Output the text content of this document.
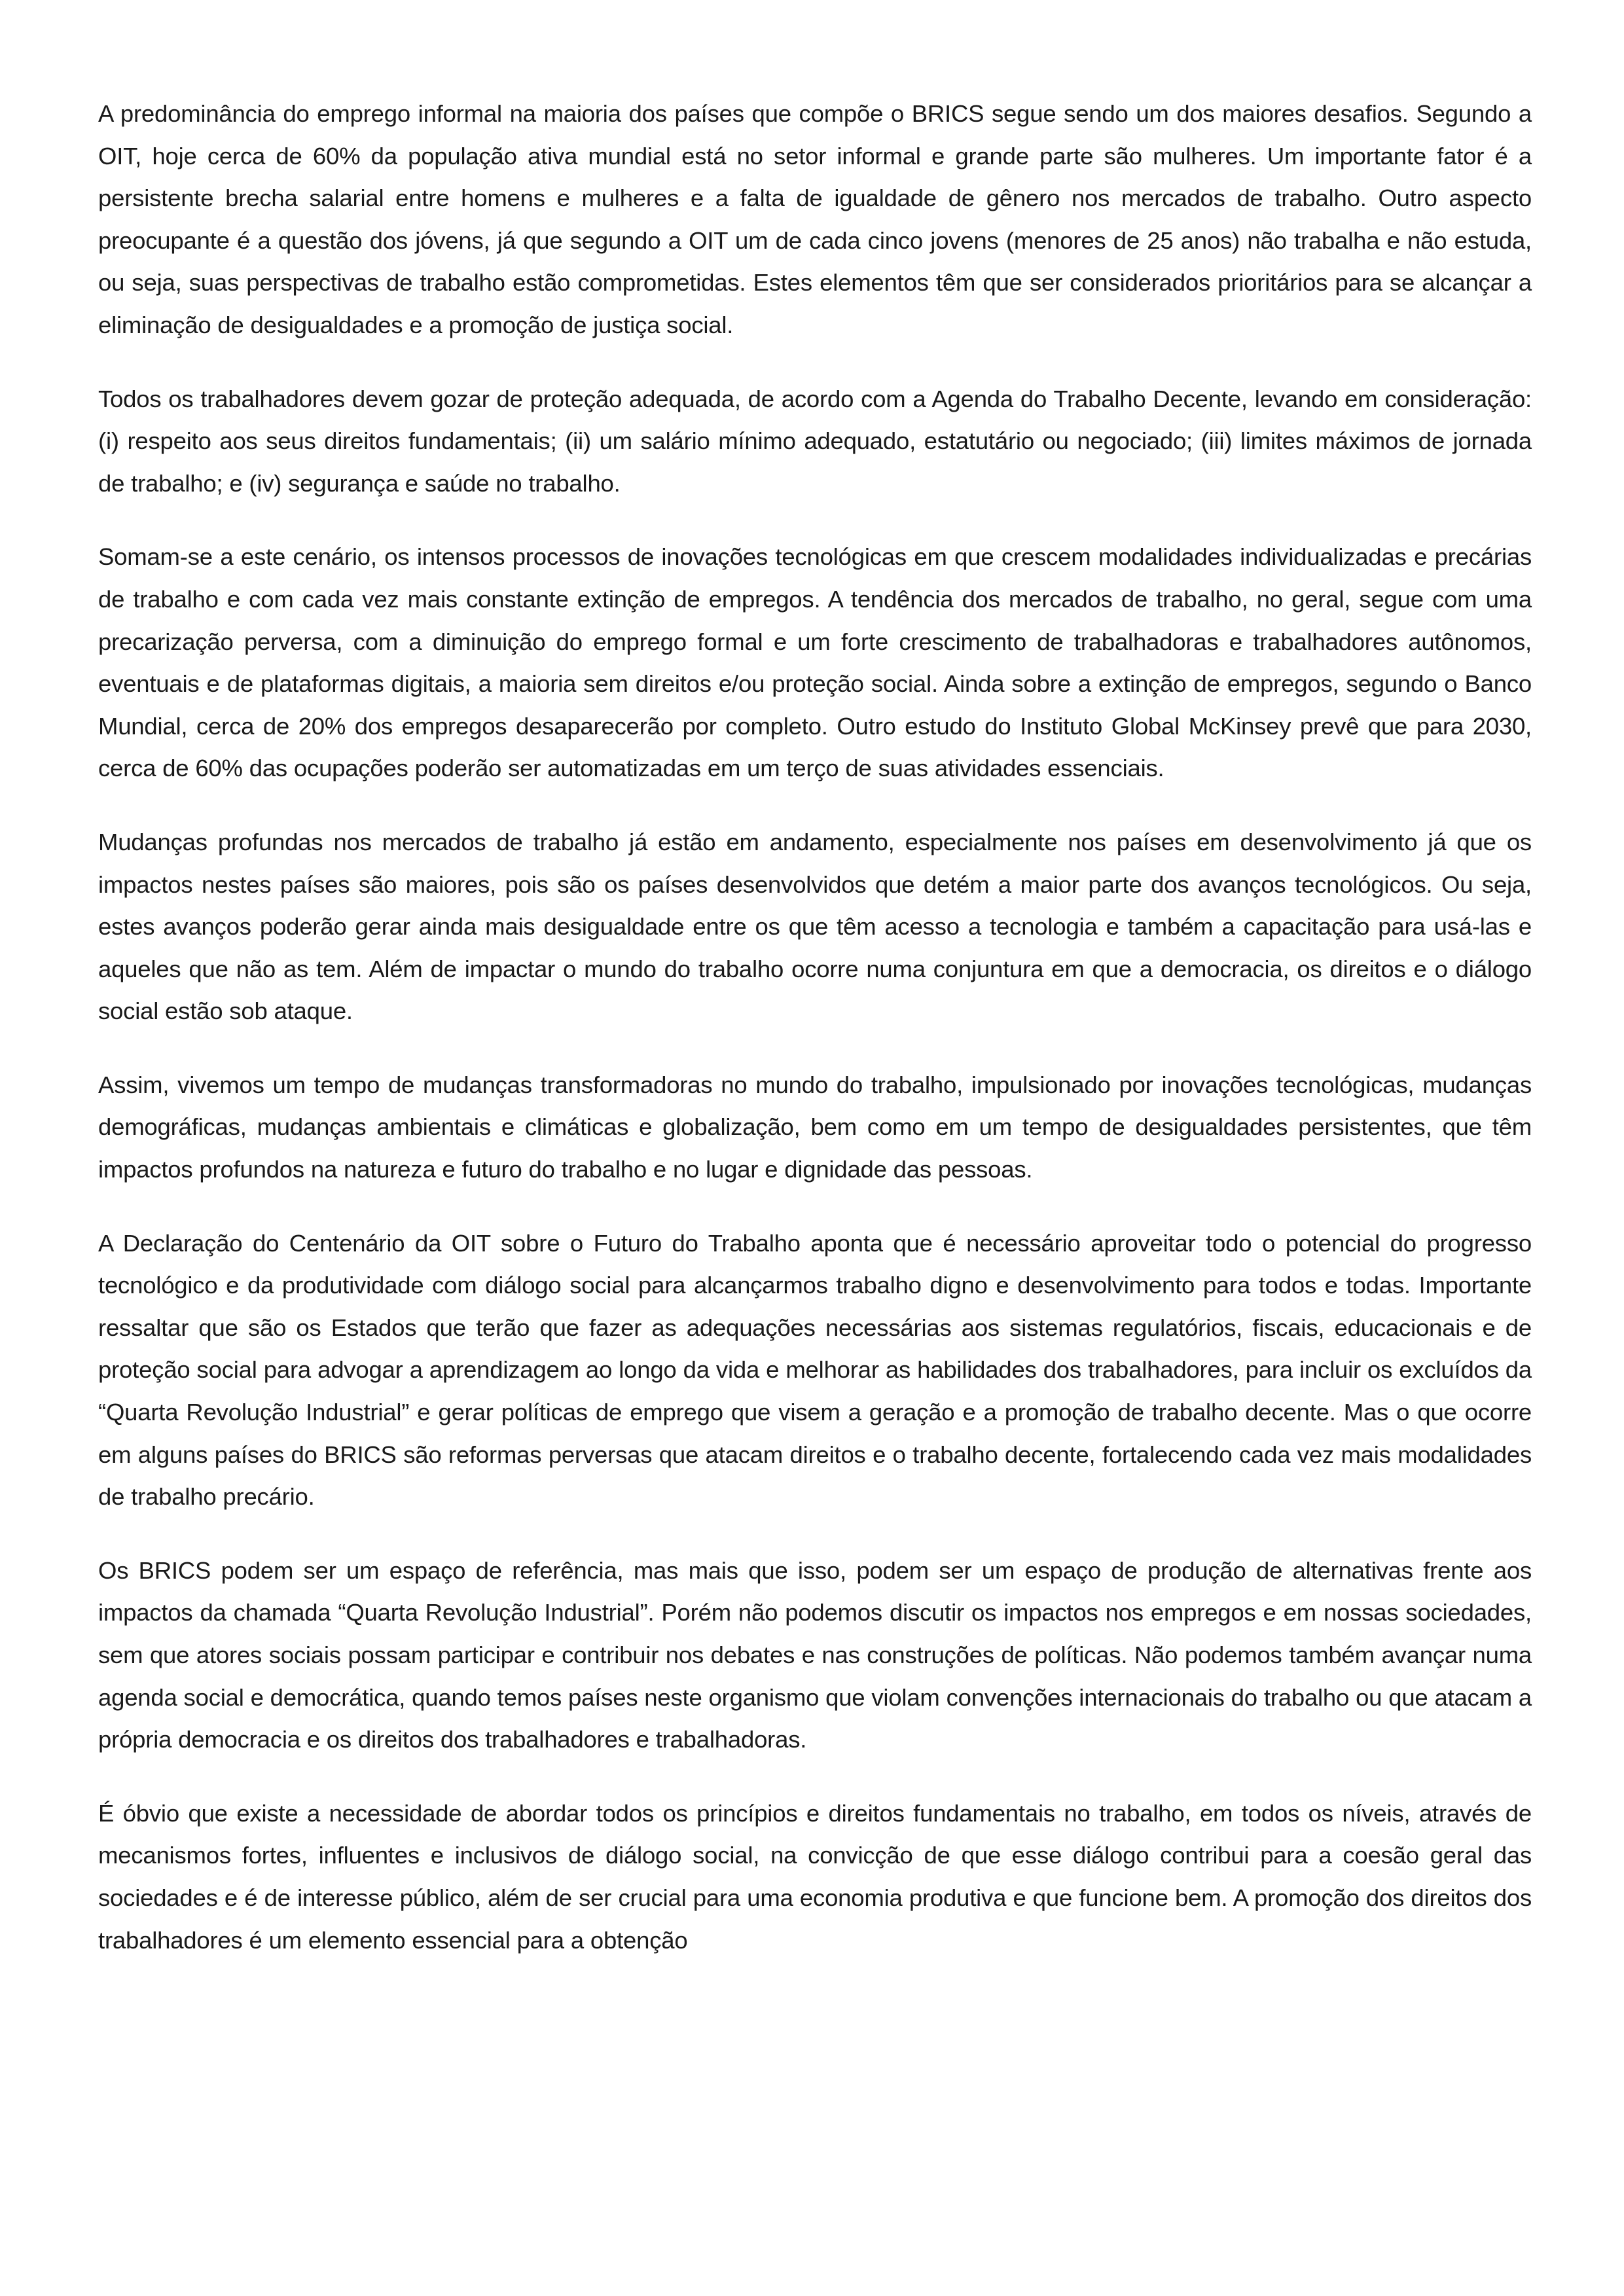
A predominância do emprego informal na maioria dos países que compõe o BRICS segue sendo um dos maiores desafios. Segundo a OIT, hoje cerca de 60% da população ativa mundial está no setor informal e grande parte são mulheres. Um importante fator é a persistente brecha salarial entre homens e mulheres e a falta de igualdade de gênero nos mercados de trabalho. Outro aspecto preocupante é a questão dos jóvens, já que segundo a OIT um de cada cinco jovens (menores de 25 anos) não trabalha e não estuda, ou seja, suas perspectivas de trabalho estão comprometidas. Estes elementos têm que ser considerados prioritários para se alcançar a eliminação de desigualdades e a promoção de justiça social.

Todos os trabalhadores devem gozar de proteção adequada, de acordo com a Agenda do Trabalho Decente, levando em consideração: (i) respeito aos seus direitos fundamentais; (ii) um salário mínimo adequado, estatutário ou negociado; (iii) limites máximos de jornada de trabalho; e (iv) segurança e saúde no trabalho.

Somam-se a este cenário, os intensos processos de inovações tecnológicas em que crescem modalidades individualizadas e precárias de trabalho e com cada vez mais constante extinção de empregos. A tendência dos mercados de trabalho, no geral, segue com uma precarização perversa, com a diminuição do emprego formal e um forte crescimento de trabalhadoras e trabalhadores autônomos, eventuais e de plataformas digitais, a maioria sem direitos e/ou proteção social. Ainda sobre a extinção de empregos, segundo o Banco Mundial, cerca de 20% dos empregos desaparecerão por completo. Outro estudo do Instituto Global McKinsey prevê que para 2030, cerca de 60% das ocupações poderão ser automatizadas em um terço de suas atividades essenciais.

Mudanças profundas nos mercados de trabalho já estão em andamento, especialmente nos países em desenvolvimento já que os impactos nestes países são maiores, pois são os países desenvolvidos que detém a maior parte dos avanços tecnológicos. Ou seja, estes avanços poderão gerar ainda mais desigualdade entre os que têm acesso a tecnologia e também a capacitação para usá-las e aqueles que não as tem. Além de impactar o mundo do trabalho ocorre numa conjuntura em que a democracia, os direitos e o diálogo social estão sob ataque.

Assim, vivemos um tempo de mudanças transformadoras no mundo do trabalho, impulsionado por inovações tecnológicas, mudanças demográficas, mudanças ambientais e climáticas e globalização, bem como em um tempo de desigualdades persistentes, que têm impactos profundos na natureza e futuro do trabalho e no lugar e dignidade das pessoas.

A Declaração do Centenário da OIT sobre o Futuro do Trabalho aponta que é necessário aproveitar todo o potencial do progresso tecnológico e da produtividade com diálogo social para alcançarmos trabalho digno e desenvolvimento para todos e todas. Importante ressaltar que são os Estados que terão que fazer as adequações necessárias aos sistemas regulatórios, fiscais, educacionais e de proteção social para advogar a aprendizagem ao longo da vida e melhorar as habilidades dos trabalhadores, para incluir os excluídos da “Quarta Revolução Industrial” e gerar políticas de emprego que visem a geração e a promoção de trabalho decente. Mas o que ocorre em alguns países do BRICS são reformas perversas que atacam direitos e o trabalho decente, fortalecendo cada vez mais modalidades de trabalho precário.

Os BRICS podem ser um espaço de referência, mas mais que isso, podem ser um espaço de produção de alternativas frente aos impactos da chamada “Quarta Revolução Industrial”. Porém não podemos discutir os impactos nos empregos e em nossas sociedades, sem que atores sociais possam participar e contribuir nos debates e nas construções de políticas. Não podemos também avançar numa agenda social e democrática, quando temos países neste organismo que violam convenções internacionais do trabalho ou que atacam a própria democracia e os direitos dos trabalhadores e trabalhadoras.

É óbvio que existe a necessidade de abordar todos os princípios e direitos fundamentais no trabalho, em todos os níveis, através de mecanismos fortes, influentes e inclusivos de diálogo social, na convicção de que esse diálogo contribui para a coesão geral das sociedades e é de interesse público, além de ser crucial para uma economia produtiva e que funcione bem. A promoção dos direitos dos trabalhadores é um elemento essencial para a obtenção
